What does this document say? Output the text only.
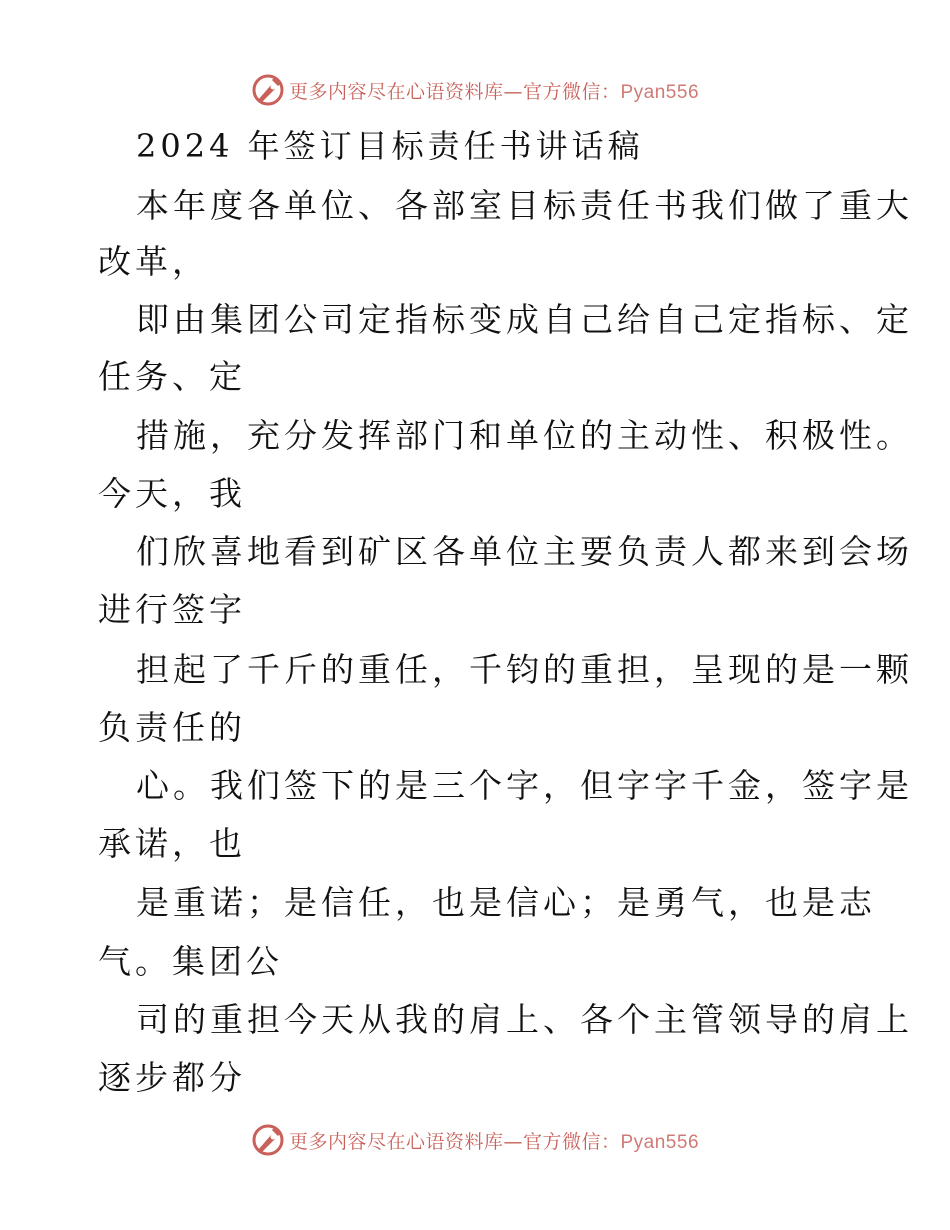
更多内容尽在心语资料库—官方微信：Pyan556
2024 年签订目标责任书讲话稿
本年度各单位、各部室目标责任书我们做了重大
改革，
即由集团公司定指标变成自己给自己定指标、定
任务、定
措施，充分发挥部门和单位的主动性、积极性。
今天，我
们欣喜地看到矿区各单位主要负责人都来到会场
进行签字
担起了千斤的重任，千钧的重担，呈现的是一颗
负责任的
心。我们签下的是三个字，但字字千金，签字是
承诺，也
是重诺；是信任，也是信心；是勇气，也是志
气。集团公
司的重担今天从我的肩上、各个主管领导的肩上
逐步都分
更多内容尽在心语资料库—官方微信：Pyan556
